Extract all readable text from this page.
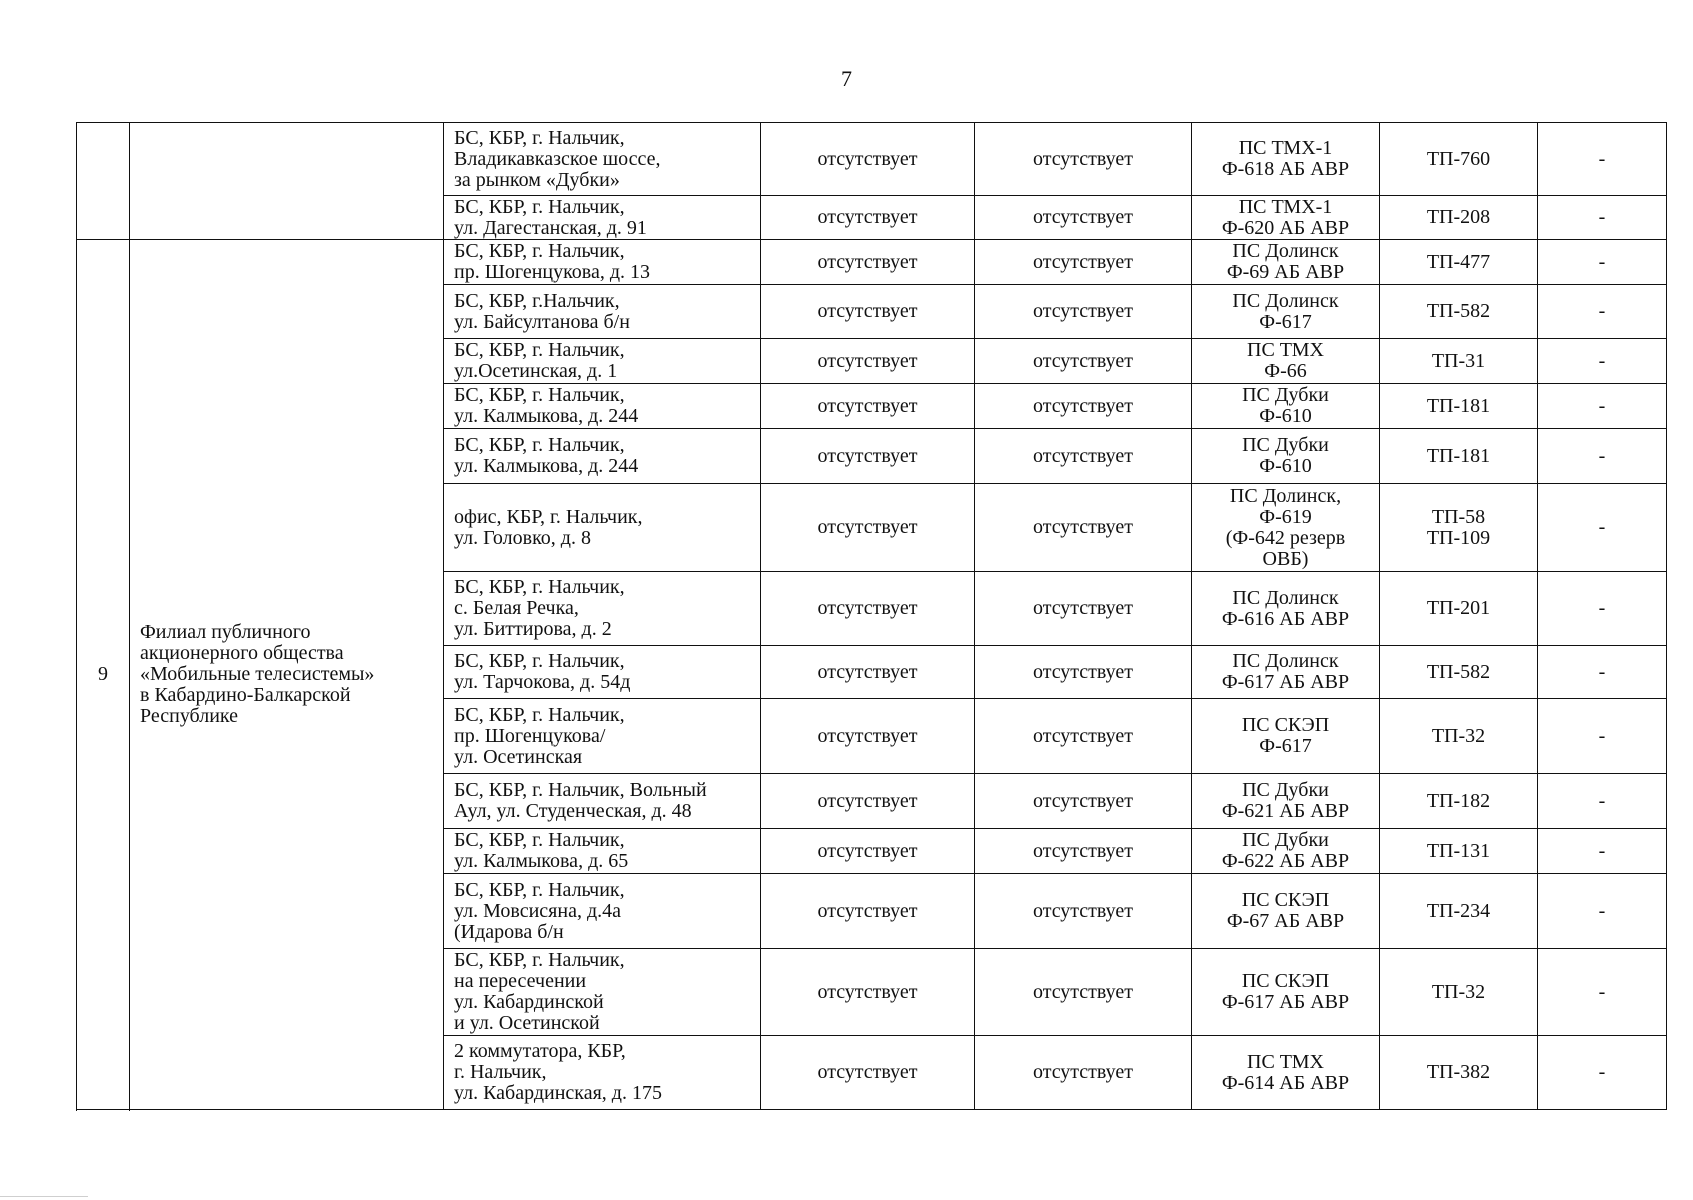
7
		БС, КБР, г. Нальчик,
Владикавказское шоссе,
за рынком «Дубки»	отсутствует	отсутствует	ПС ТМХ-1
Ф-618 АБ АВР	ТП-760	-
		БС, КБР, г. Нальчик,
ул. Дагестанская, д. 91	отсутствует	отсутствует	ПС ТМХ-1
Ф-620 АБ АВР	ТП-208	-
9	Филиал публичного
акционерного общества
«Мобильные телесистемы»
в Кабардино-Балкарской
Республике	БС, КБР, г. Нальчик,
пр. Шогенцукова, д. 13	отсутствует	отсутствует	ПС Долинск
Ф-69 АБ АВР	ТП-477	-
		БС, КБР, г.Нальчик,
ул. Байсултанова б/н	отсутствует	отсутствует	ПС Долинск
Ф-617	ТП-582	-
		БС, КБР, г. Нальчик,
ул.Осетинская, д. 1	отсутствует	отсутствует	ПС ТМХ
Ф-66	ТП-31	-
		БС, КБР, г. Нальчик,
ул. Калмыкова, д. 244	отсутствует	отсутствует	ПС Дубки
Ф-610	ТП-181	-
		БС, КБР, г. Нальчик,
ул. Калмыкова, д. 244	отсутствует	отсутствует	ПС Дубки
Ф-610	ТП-181	-
		офис, КБР, г. Нальчик,
ул. Головко, д. 8	отсутствует	отсутствует	ПС Долинск,
Ф-619
(Ф-642 резерв
ОВБ)	ТП-58
ТП-109	-
		БС, КБР, г. Нальчик,
с. Белая Речка,
ул. Биттирова, д. 2	отсутствует	отсутствует	ПС Долинск
Ф-616 АБ АВР	ТП-201	-
		БС, КБР, г. Нальчик,
ул. Тарчокова, д. 54д	отсутствует	отсутствует	ПС Долинск
Ф-617 АБ АВР	ТП-582	-
		БС, КБР, г. Нальчик,
пр. Шогенцукова/
ул. Осетинская	отсутствует	отсутствует	ПС СКЭП
Ф-617	ТП-32	-
		БС, КБР, г. Нальчик, Вольный
Аул, ул. Студенческая, д. 48	отсутствует	отсутствует	ПС Дубки
Ф-621 АБ АВР	ТП-182	-
		БС, КБР, г. Нальчик,
ул. Калмыкова, д. 65	отсутствует	отсутствует	ПС Дубки
Ф-622 АБ АВР	ТП-131	-
		БС, КБР, г. Нальчик,
ул. Мовсисяна, д.4а
(Идарова б/н	отсутствует	отсутствует	ПС СКЭП
Ф-67 АБ АВР	ТП-234	-
		БС, КБР, г. Нальчик,
на пересечении
ул. Кабардинской
и ул. Осетинской	отсутствует	отсутствует	ПС СКЭП
Ф-617 АБ АВР	ТП-32	-
		2 коммутатора, КБР,
г. Нальчик,
ул. Кабардинская, д. 175	отсутствует	отсутствует	ПС ТМХ
Ф-614 АБ АВР	ТП-382	-
